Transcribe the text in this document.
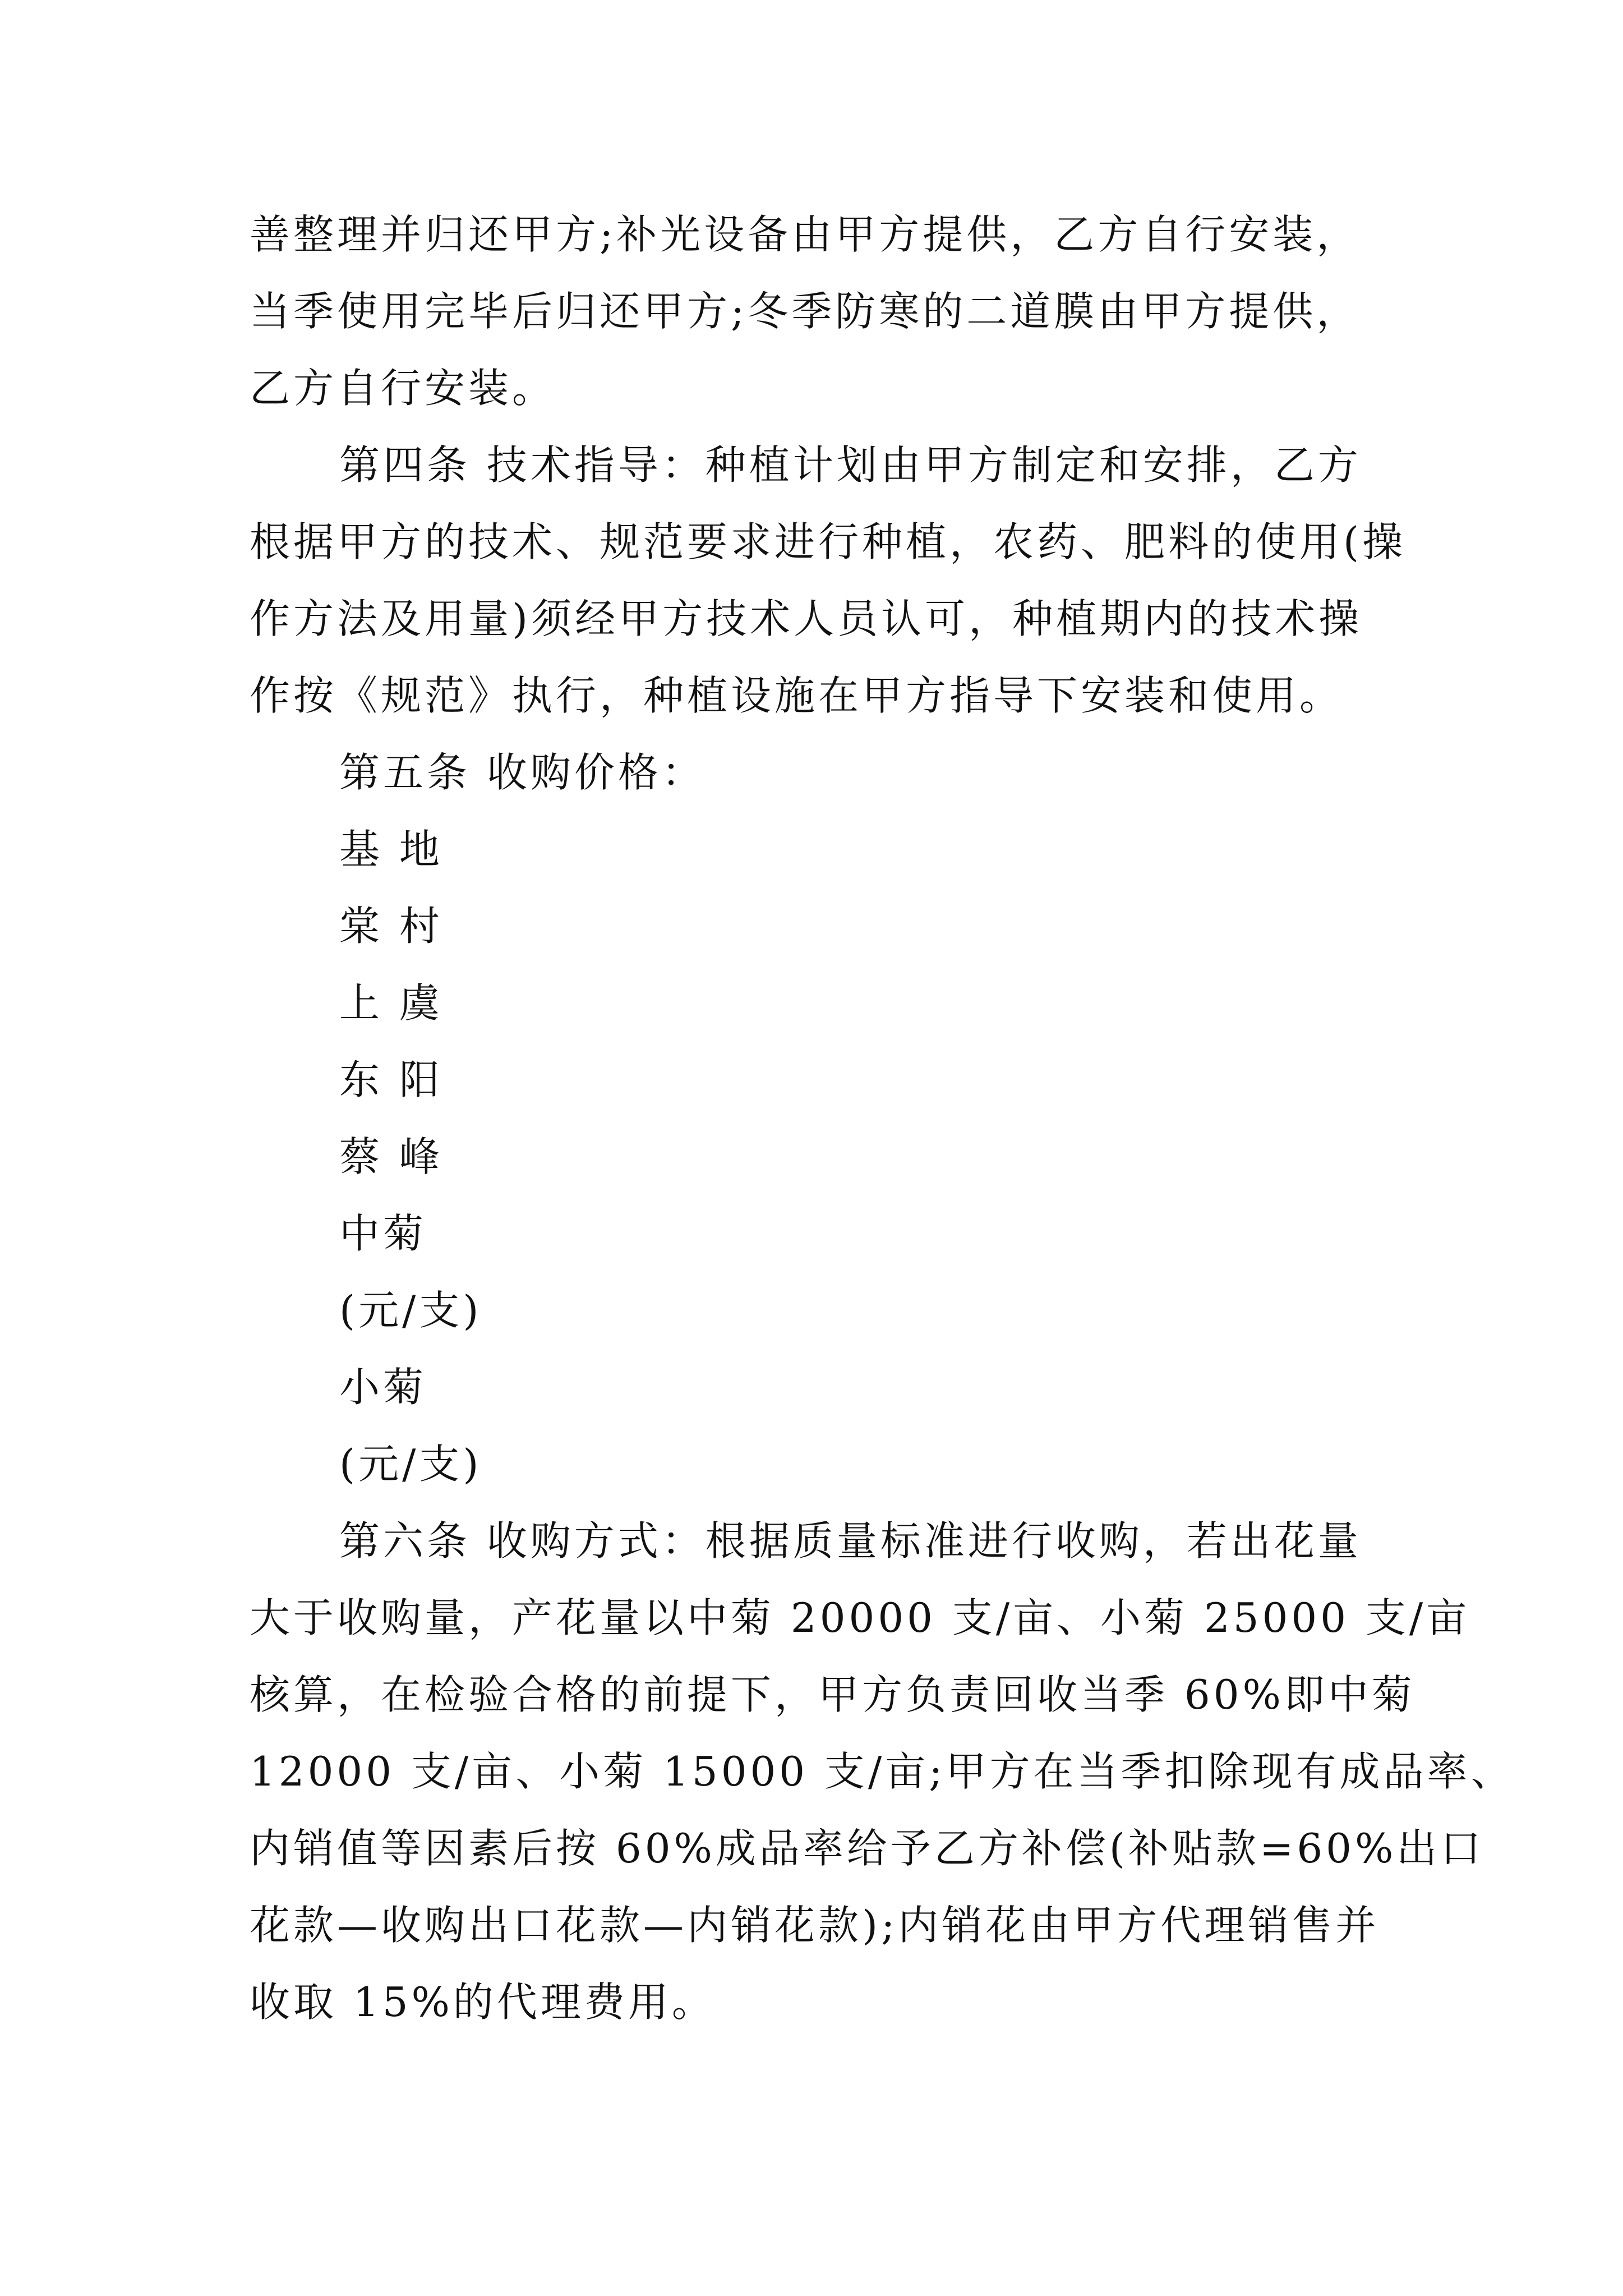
善整理并归还甲方;补光设备由甲方提供，乙方自行安装，
当季使用完毕后归还甲方;冬季防寒的二道膜由甲方提供，
乙方自行安装。
第四条 技术指导：种植计划由甲方制定和安排，乙方
根据甲方的技术、规范要求进行种植，农药、肥料的使用(操
作方法及用量)须经甲方技术人员认可，种植期内的技术操
作按《规范》执行，种植设施在甲方指导下安装和使用。
第五条 收购价格：
基 地
棠 村
上 虞
东 阳
蔡 峰
中菊
(元/支)
小菊
(元/支)
第六条 收购方式：根据质量标准进行收购，若出花量
大于收购量，产花量以中菊 20000 支/亩、小菊 25000 支/亩
核算，在检验合格的前提下，甲方负责回收当季 60%即中菊
12000 支/亩、小菊 15000 支/亩;甲方在当季扣除现有成品率、
内销值等因素后按 60%成品率给予乙方补偿(补贴款=60%出口
花款—收购出口花款—内销花款);内销花由甲方代理销售并
收取 15%的代理费用。
